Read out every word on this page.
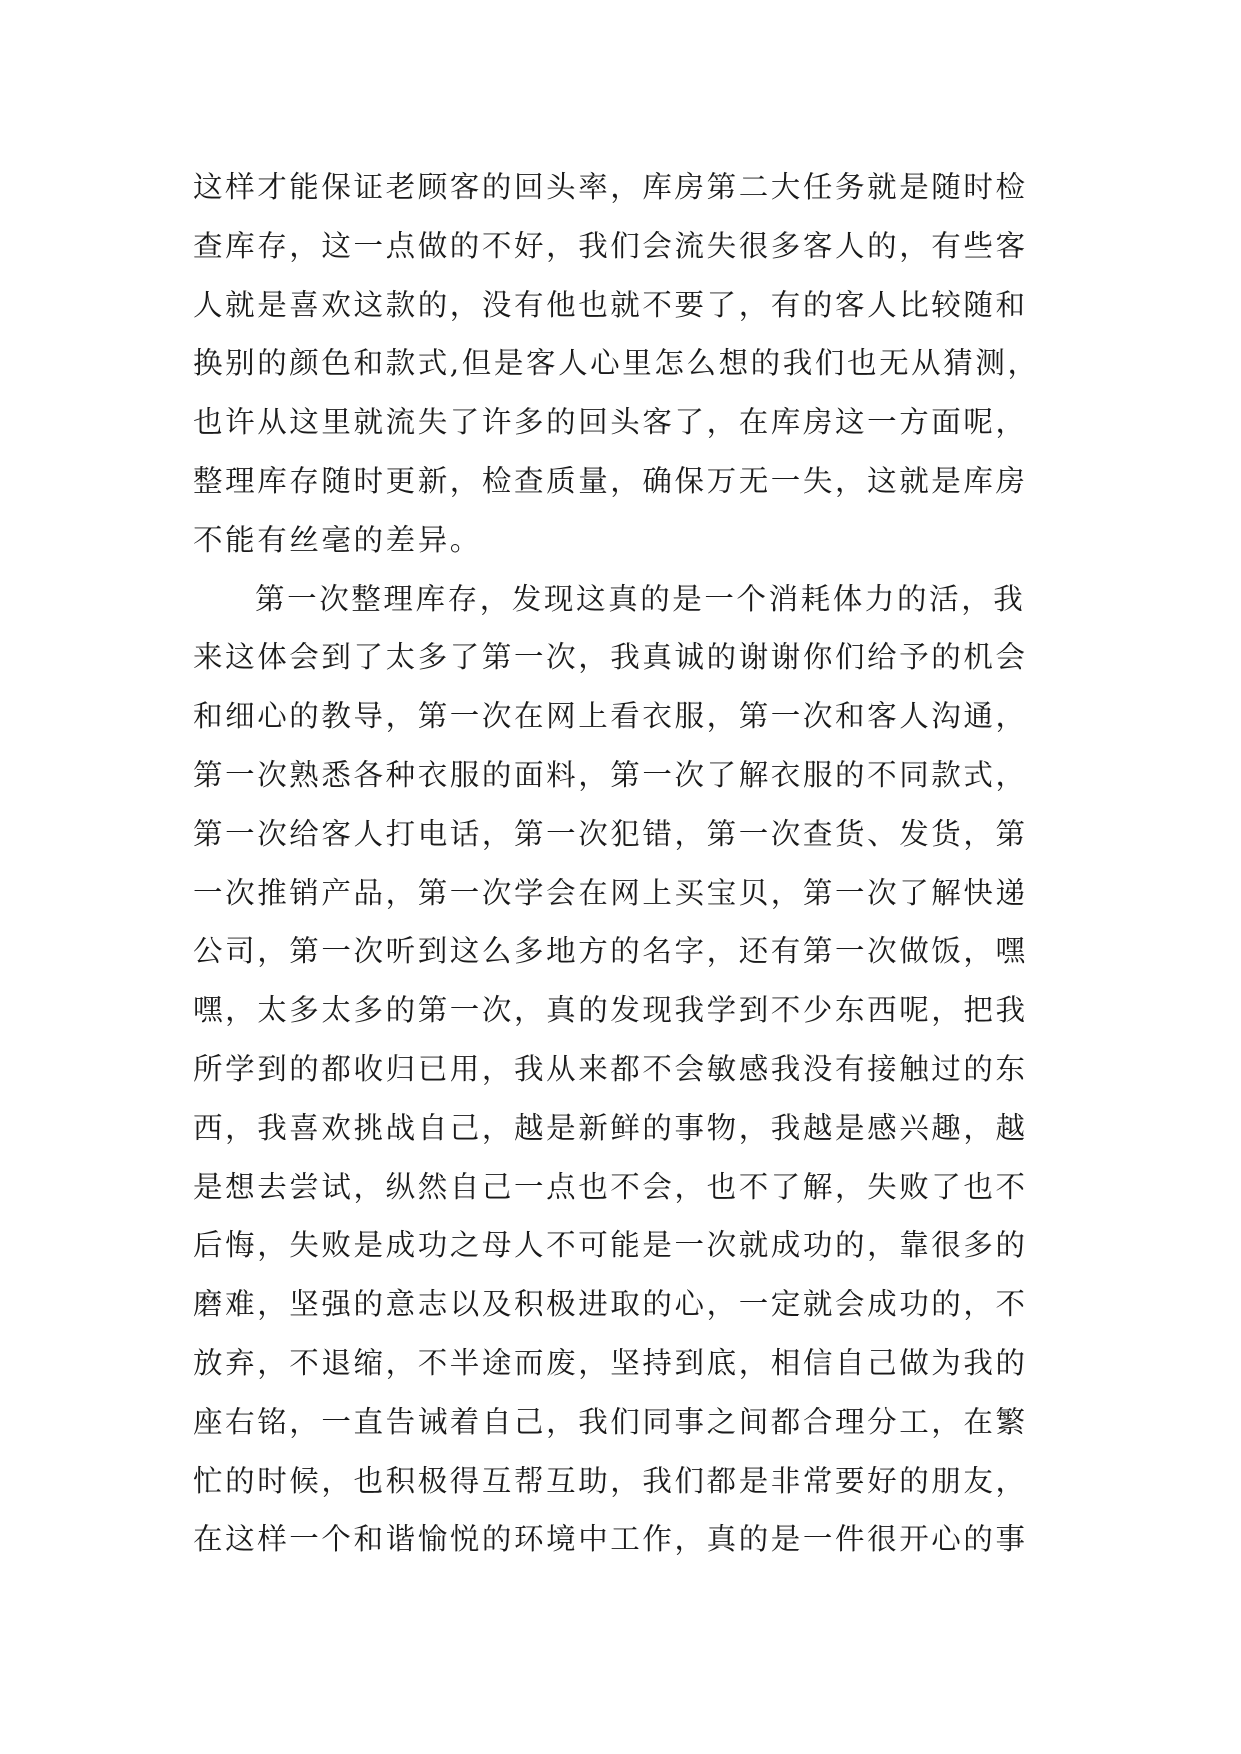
这样才能保证老顾客的回头率，库房第二大任务就是随时检
查库存，这一点做的不好，我们会流失很多客人的，有些客
人就是喜欢这款的，没有他也就不要了，有的客人比较随和
换别的颜色和款式,但是客人心里怎么想的我们也无从猜测，
也许从这里就流失了许多的回头客了，在库房这一方面呢，
整理库存随时更新，检查质量，确保万无一失，这就是库房
不能有丝毫的差异。
第一次整理库存，发现这真的是一个消耗体力的活，我
来这体会到了太多了第一次，我真诚的谢谢你们给予的机会
和细心的教导，第一次在网上看衣服，第一次和客人沟通，
第一次熟悉各种衣服的面料，第一次了解衣服的不同款式，
第一次给客人打电话，第一次犯错，第一次查货、发货，第
一次推销产品，第一次学会在网上买宝贝，第一次了解快递
公司，第一次听到这么多地方的名字，还有第一次做饭，嘿
嘿，太多太多的第一次，真的发现我学到不少东西呢，把我
所学到的都收归已用，我从来都不会敏感我没有接触过的东
西，我喜欢挑战自己，越是新鲜的事物，我越是感兴趣，越
是想去尝试，纵然自己一点也不会，也不了解，失败了也不
后悔，失败是成功之母人不可能是一次就成功的，靠很多的
磨难，坚强的意志以及积极进取的心，一定就会成功的，不
放弃，不退缩，不半途而废，坚持到底，相信自己做为我的
座右铭，一直告诫着自己，我们同事之间都合理分工，在繁
忙的时候，也积极得互帮互助，我们都是非常要好的朋友，
在这样一个和谐愉悦的环境中工作，真的是一件很开心的事
